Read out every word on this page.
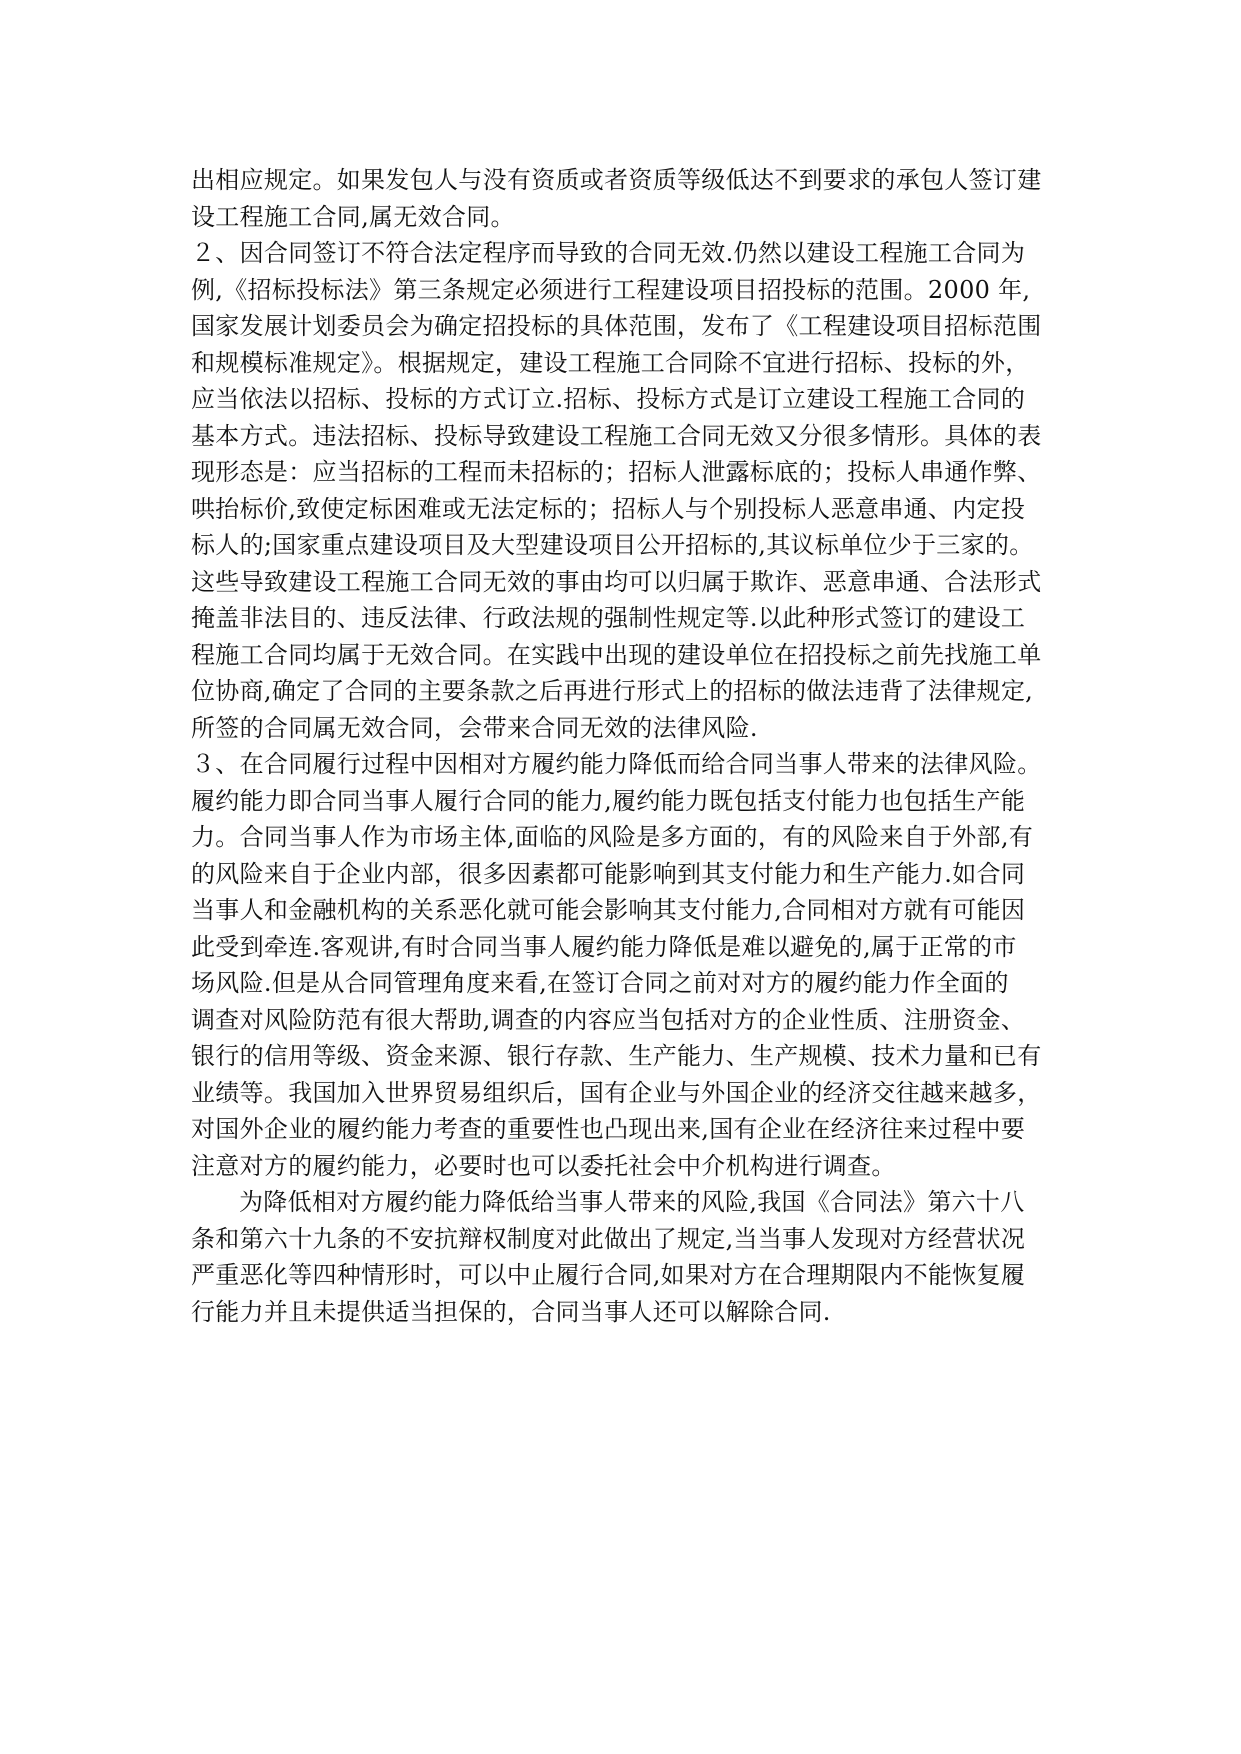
出相应规定。如果发包人与没有资质或者资质等级低达不到要求的承包人签订建
设工程施工合同,属无效合同。
２、因合同签订不符合法定程序而导致的合同无效.仍然以建设工程施工合同为
例,《招标投标法》第三条规定必须进行工程建设项目招投标的范围。2000 年,
国家发展计划委员会为确定招投标的具体范围，发布了《工程建设项目招标范围
和规模标准规定》。根据规定，建设工程施工合同除不宜进行招标、投标的外，
应当依法以招标、投标的方式订立.招标、投标方式是订立建设工程施工合同的
基本方式。违法招标、投标导致建设工程施工合同无效又分很多情形。具体的表
现形态是：应当招标的工程而未招标的；招标人泄露标底的；投标人串通作弊、
哄抬标价,致使定标困难或无法定标的；招标人与个别投标人恶意串通、内定投
标人的;国家重点建设项目及大型建设项目公开招标的,其议标单位少于三家的。
这些导致建设工程施工合同无效的事由均可以归属于欺诈、恶意串通、合法形式
掩盖非法目的、违反法律、行政法规的强制性规定等.以此种形式签订的建设工
程施工合同均属于无效合同。在实践中出现的建设单位在招投标之前先找施工单
位协商,确定了合同的主要条款之后再进行形式上的招标的做法违背了法律规定,
所签的合同属无效合同，会带来合同无效的法律风险.
３、在合同履行过程中因相对方履约能力降低而给合同当事人带来的法律风险。
履约能力即合同当事人履行合同的能力,履约能力既包括支付能力也包括生产能
力。合同当事人作为市场主体,面临的风险是多方面的，有的风险来自于外部,有
的风险来自于企业内部，很多因素都可能影响到其支付能力和生产能力.如合同
当事人和金融机构的关系恶化就可能会影响其支付能力,合同相对方就有可能因
此受到牵连.客观讲,有时合同当事人履约能力降低是难以避免的,属于正常的市
场风险.但是从合同管理角度来看,在签订合同之前对对方的履约能力作全面的
调查对风险防范有很大帮助,调查的内容应当包括对方的企业性质、注册资金、
银行的信用等级、资金来源、银行存款、生产能力、生产规模、技术力量和已有
业绩等。我国加入世界贸易组织后，国有企业与外国企业的经济交往越来越多，
对国外企业的履约能力考查的重要性也凸现出来,国有企业在经济往来过程中要
注意对方的履约能力，必要时也可以委托社会中介机构进行调查。
为降低相对方履约能力降低给当事人带来的风险,我国《合同法》第六十八
条和第六十九条的不安抗辩权制度对此做出了规定,当当事人发现对方经营状况
严重恶化等四种情形时，可以中止履行合同,如果对方在合理期限内不能恢复履
行能力并且未提供适当担保的，合同当事人还可以解除合同.
